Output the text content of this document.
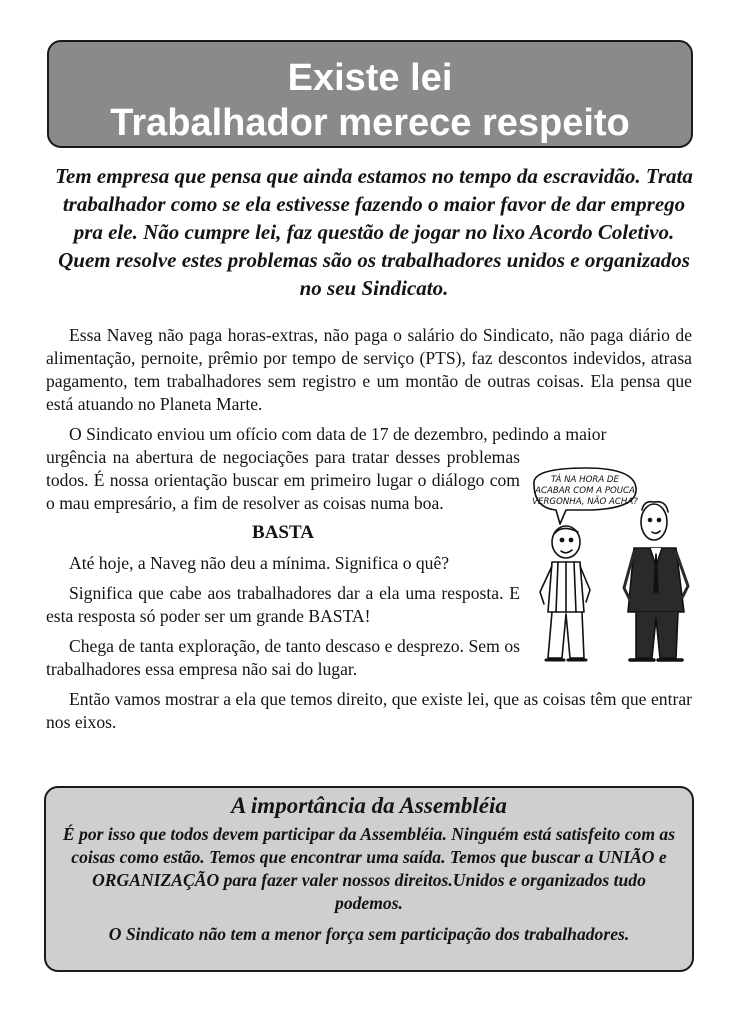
Existe lei
Trabalhador merece respeito
Tem empresa que pensa que ainda estamos no tempo da escravidão. Trata trabalhador como se ela estivesse fazendo o maior favor de dar emprego pra ele. Não cumpre lei, faz questão de jogar no lixo Acordo Coletivo. Quem resolve estes problemas são os trabalhadores unidos e organizados no seu Sindicato.

Essa Naveg não paga horas-extras, não paga o salário do Sindicato, não paga diário de alimentação, pernoite, prêmio por tempo de serviço (PTS), faz descontos indevidos, atrasa pagamento, tem trabalhadores sem registro e um montão de outras coisas. Ela pensa que está atuando no Planeta Marte.

O Sindicato enviou um ofício com data de 17 de dezembro, pedindo a maior

urgência na abertura de negociações para tratar desses problemas todos. É nossa orientação buscar em primeiro lugar o diálogo com o mau empresário, a fim de resolver as coisas numa boa.

BASTA

Até hoje, a Naveg não deu a mínima. Significa o quê?

Significa que cabe aos trabalhadores dar a ela uma resposta. E esta resposta só poder ser um grande BASTA!

Chega de tanta exploração, de tanto descaso e desprezo. Sem os trabalhadores essa empresa não sai do lugar.

Então vamos mostrar a ela que temos direito, que existe lei, que as coisas têm que entrar nos eixos.

TÁ NA HORA DE
ACABAR COM A POUCA
VERGONHA, NÃO ACHA?
A importância da Assembléia

É por isso que todos devem participar da Assembléia. Ninguém está satisfeito com as coisas como estão. Temos que encontrar uma saída. Temos que buscar a UNIÃO e ORGANIZAÇÃO para fazer valer nossos direitos.Unidos e organizados tudo podemos.

O Sindicato não tem a menor força sem participação dos trabalhadores.
